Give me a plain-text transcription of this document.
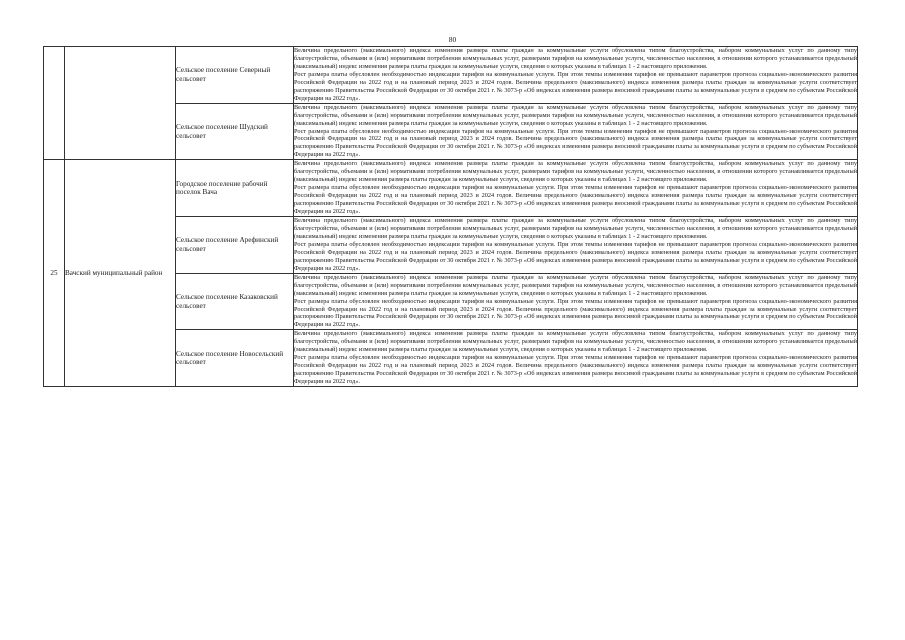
80
		Сельское поселение Северный сельсовет	Величина предельного (максимального) индекса изменения размера платы граждан за коммунальные услуги обусловлена типом благоустройства, набором коммунальных услуг по данному типу благоустройства, объемами и (или) нормативами потребления коммунальных услуг, размерами тарифов на коммунальные услуги, численностью населения, в отношении которого устанавливается предельный (максимальный) индекс изменения размера платы граждан за коммунальные услуги, сведения о которых указаны в таблицах 1 - 2 настоящего приложения.
Рост размера платы обусловлен необходимостью индексации тарифов на коммунальные услуги. При этом темпы изменения тарифов не превышают параметров прогноза социально-экономического развития Российской Федерации на 2022 год и на плановый период 2023 и 2024 годов. Величина предельного (максимального) индекса изменения размера платы граждан за коммунальные услуги соответствует распоряжению Правительства Российской Федерации от 30 октября 2021 г. № 3073-р «Об индексах изменения размера вносимой гражданами платы за коммунальные услуги в среднем по субъектам Российской Федерации на 2022 год».

		Сельское поселение Шудский сельсовет	Величина предельного (максимального) индекса изменения размера платы граждан за коммунальные услуги обусловлена типом благоустройства, набором коммунальных услуг по данному типу благоустройства, объемами и (или) нормативами потребления коммунальных услуг, размерами тарифов на коммунальные услуги, численностью населения, в отношении которого устанавливается предельный (максимальный) индекс изменения размера платы граждан за коммунальные услуги, сведения о которых указаны в таблицах 1 - 2 настоящего приложения.
Рост размера платы обусловлен необходимостью индексации тарифов на коммунальные услуги. При этом темпы изменения тарифов не превышают параметров прогноза социально-экономического развития Российской Федерации на 2022 год и на плановый период 2023 и 2024 годов. Величина предельного (максимального) индекса изменения размера платы граждан за коммунальные услуги соответствует распоряжению Правительства Российской Федерации от 30 октября 2021 г. № 3073-р «Об индексах изменения размера вносимой гражданами платы за коммунальные услуги в среднем по субъектам Российской Федерации на 2022 год».

25	Вачский муниципальный район	Городское поселение рабочий поселок Вача	Величина предельного (максимального) индекса изменения размера платы граждан за коммунальные услуги обусловлена типом благоустройства, набором коммунальных услуг по данному типу благоустройства, объемами и (или) нормативами потребления коммунальных услуг, размерами тарифов на коммунальные услуги, численностью населения, в отношении которого устанавливается предельный (максимальный) индекс изменения размера платы граждан за коммунальные услуги, сведения о которых указаны в таблицах 1 - 2 настоящего приложения.
Рост размера платы обусловлен необходимостью индексации тарифов на коммунальные услуги. При этом темпы изменения тарифов не превышают параметров прогноза социально-экономического развития Российской Федерации на 2022 год и на плановый период 2023 и 2024 годов. Величина предельного (максимального) индекса изменения размера платы граждан за коммунальные услуги соответствует распоряжению Правительства Российской Федерации от 30 октября 2021 г. № 3073-р «Об индексах изменения размера вносимой гражданами платы за коммунальные услуги в среднем по субъектам Российской Федерации на 2022 год».

		Сельское поселение Арефинский сельсовет	Величина предельного (максимального) индекса изменения размера платы граждан за коммунальные услуги обусловлена типом благоустройства, набором коммунальных услуг по данному типу благоустройства, объемами и (или) нормативами потребления коммунальных услуг, размерами тарифов на коммунальные услуги, численностью населения, в отношении которого устанавливается предельный (максимальный) индекс изменения размера платы граждан за коммунальные услуги, сведения о которых указаны в таблицах 1 - 2 настоящего приложения.
Рост размера платы обусловлен необходимостью индексации тарифов на коммунальные услуги. При этом темпы изменения тарифов не превышают параметров прогноза социально-экономического развития Российской Федерации на 2022 год и на плановый период 2023 и 2024 годов. Величина предельного (максимального) индекса изменения размера платы граждан за коммунальные услуги соответствует распоряжению Правительства Российской Федерации от 30 октября 2021 г. № 3073-р «Об индексах изменения размера вносимой гражданами платы за коммунальные услуги в среднем по субъектам Российской Федерации на 2022 год».

		Сельское поселение Казаковский сельсовет	Величина предельного (максимального) индекса изменения размера платы граждан за коммунальные услуги обусловлена типом благоустройства, набором коммунальных услуг по данному типу благоустройства, объемами и (или) нормативами потребления коммунальных услуг, размерами тарифов на коммунальные услуги, численностью населения, в отношении которого устанавливается предельный (максимальный) индекс изменения размера платы граждан за коммунальные услуги, сведения о которых указаны в таблицах 1 - 2 настоящего приложения.
Рост размера платы обусловлен необходимостью индексации тарифов на коммунальные услуги. При этом темпы изменения тарифов не превышают параметров прогноза социально-экономического развития Российской Федерации на 2022 год и на плановый период 2023 и 2024 годов. Величина предельного (максимального) индекса изменения размера платы граждан за коммунальные услуги соответствует распоряжению Правительства Российской Федерации от 30 октября 2021 г. № 3073-р «Об индексах изменения размера вносимой гражданами платы за коммунальные услуги в среднем по субъектам Российской Федерации на 2022 год».

		Сельское поселение Новосельский сельсовет	Величина предельного (максимального) индекса изменения размера платы граждан за коммунальные услуги обусловлена типом благоустройства, набором коммунальных услуг по данному типу благоустройства, объемами и (или) нормативами потребления коммунальных услуг, размерами тарифов на коммунальные услуги, численностью населения, в отношении которого устанавливается предельный (максимальный) индекс изменения размера платы граждан за коммунальные услуги, сведения о которых указаны в таблицах 1 - 2 настоящего приложения.
Рост размера платы обусловлен необходимостью индексации тарифов на коммунальные услуги. При этом темпы изменения тарифов не превышают параметров прогноза социально-экономического развития Российской Федерации на 2022 год и на плановый период 2023 и 2024 годов. Величина предельного (максимального) индекса изменения размера платы граждан за коммунальные услуги соответствует распоряжению Правительства Российской Федерации от 30 октября 2021 г. № 3073-р «Об индексах изменения размера вносимой гражданами платы за коммунальные услуги в среднем по субъектам Российской Федерации на 2022 год».
